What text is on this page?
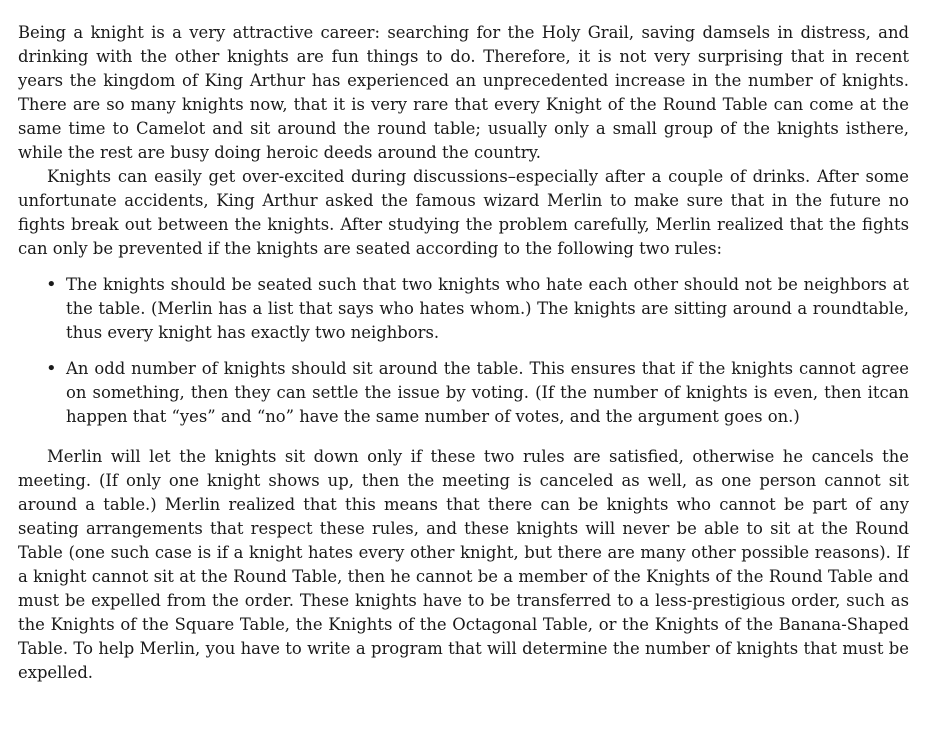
Being a knight is a very attractive career: searching for the Holy Grail, saving damsels in distress, and drinking with the other knights are fun things to do. Therefore, it is not very surprising that in recent years the kingdom of King Arthur has experienced an unprecedented increase in the number of knights. There are so many knights now, that it is very rare that every Knight of the Round Table can come at the same time to Camelot and sit around the round table; usually only a small group of the knights isthere, while the rest are busy doing heroic deeds around the country.

Knights can easily get over-excited during discussions–especially after a couple of drinks. After some unfortunate accidents, King Arthur asked the famous wizard Merlin to make sure that in the future no fights break out between the knights. After studying the problem carefully, Merlin realized that the fights can only be prevented if the knights are seated according to the following two rules:

• The knights should be seated such that two knights who hate each other should not be neighbors at the table. (Merlin has a list that says who hates whom.) The knights are sitting around a roundtable, thus every knight has exactly two neighbors.
• An odd number of knights should sit around the table. This ensures that if the knights cannot agree on something, then they can settle the issue by voting. (If the number of knights is even, then itcan happen that “yes” and “no” have the same number of votes, and the argument goes on.)

Merlin will let the knights sit down only if these two rules are satisfied, otherwise he cancels the meeting. (If only one knight shows up, then the meeting is canceled as well, as one person cannot sit around a table.) Merlin realized that this means that there can be knights who cannot be part of any seating arrangements that respect these rules, and these knights will never be able to sit at the Round Table (one such case is if a knight hates every other knight, but there are many other possible reasons). If a knight cannot sit at the Round Table, then he cannot be a member of the Knights of the Round Table and must be expelled from the order. These knights have to be transferred to a less-prestigious order, such as the Knights of the Square Table, the Knights of the Octagonal Table, or the Knights of the Banana-Shaped Table. To help Merlin, you have to write a program that will determine the number of knights that must be expelled.
